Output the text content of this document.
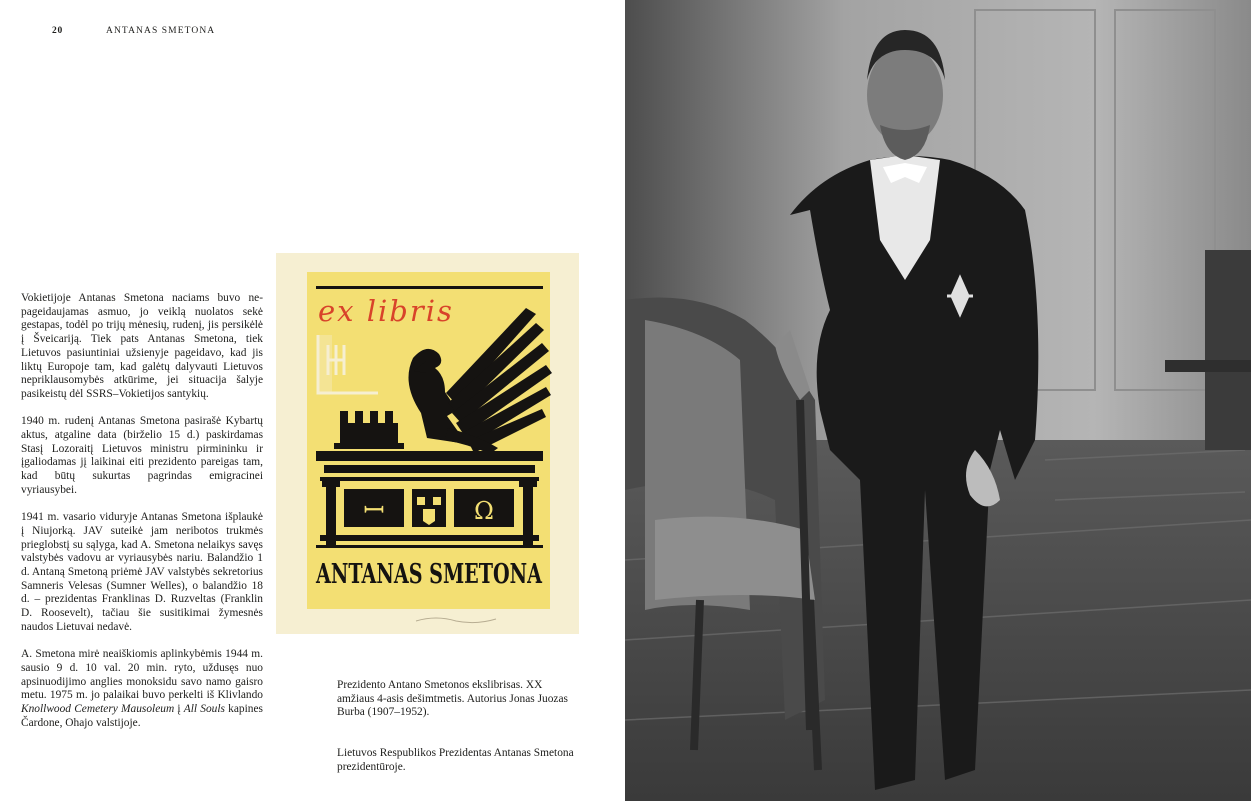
20	ANTANAS SMETONA

Vokietijoje Antanas Smetona naciams buvo nepageidaujamas asmuo, jo veiklą nuolatos sekė gestapas, todėl po trijų mėnesių, rudenį, jis persikėlė į Šveicariją. Tiek pats Antanas Smetona, tiek Lietuvos pasiuntiniai užsienyje pageidavo, kad jis liktų Europoje tam, kad galėtų dalyvauti Lietuvos nepriklausomybės atkūrime, jei situacija šalyje pasikeistų dėl SSRS–Vokietijos santykių.

1940 m. rudenį Antanas Smetona pasirašė Kybartų aktus, atgaline data (birželio 15 d.) paskirdamas Stasį Lozoraitį Lietuvos ministru pirmininku ir įgaliodamas jį laikinai eiti prezidento pareigas tam, kad būtų sukurtas pagrindas emigracinei vyriausybei.

1941 m. vasario viduryje Antanas Smetona išplaukė į Niujorką. JAV suteikė jam neribotos trukmės prieglobstį su sąlyga, kad A. Smetona nelaikys savęs valstybės vadovu ar vyriausybės nariu. Balandžio 1 d. Antaną Smetoną priėmė JAV valstybės sekretorius Samneris Velesas (Sumner Welles), o balandžio 18 d. – prezidentas Franklinas D. Ruzveltas (Franklin D. Roosevelt), tačiau šie susitikimai žymesnės naudos Lietuvai nedavė.

A. Smetona mirė neaiškiomis aplinkybėmis 1944 m. sausio 9 d. 10 val. 20 min. ryto, uždusęs nuo apsinuodijimo anglies monoksidu savo namo gaisro metu. 1975 m. jo palaikai buvo perkelti iš Klivlando Knollwood Cemetery Mausoleum į All Souls kapines Čardone, Ohajo valstijoje.

ex libris
ꟷ	Ω
ANTANAS SMETONA
Prezidento Antano Smetonos ekslibrisas. XX amžiaus 4-asis dešimtmetis. Autorius Jonas Juozas Burba (1907–1952).
Lietuvos Respublikos Prezidentas Antanas Smetona prezidentūroje.
